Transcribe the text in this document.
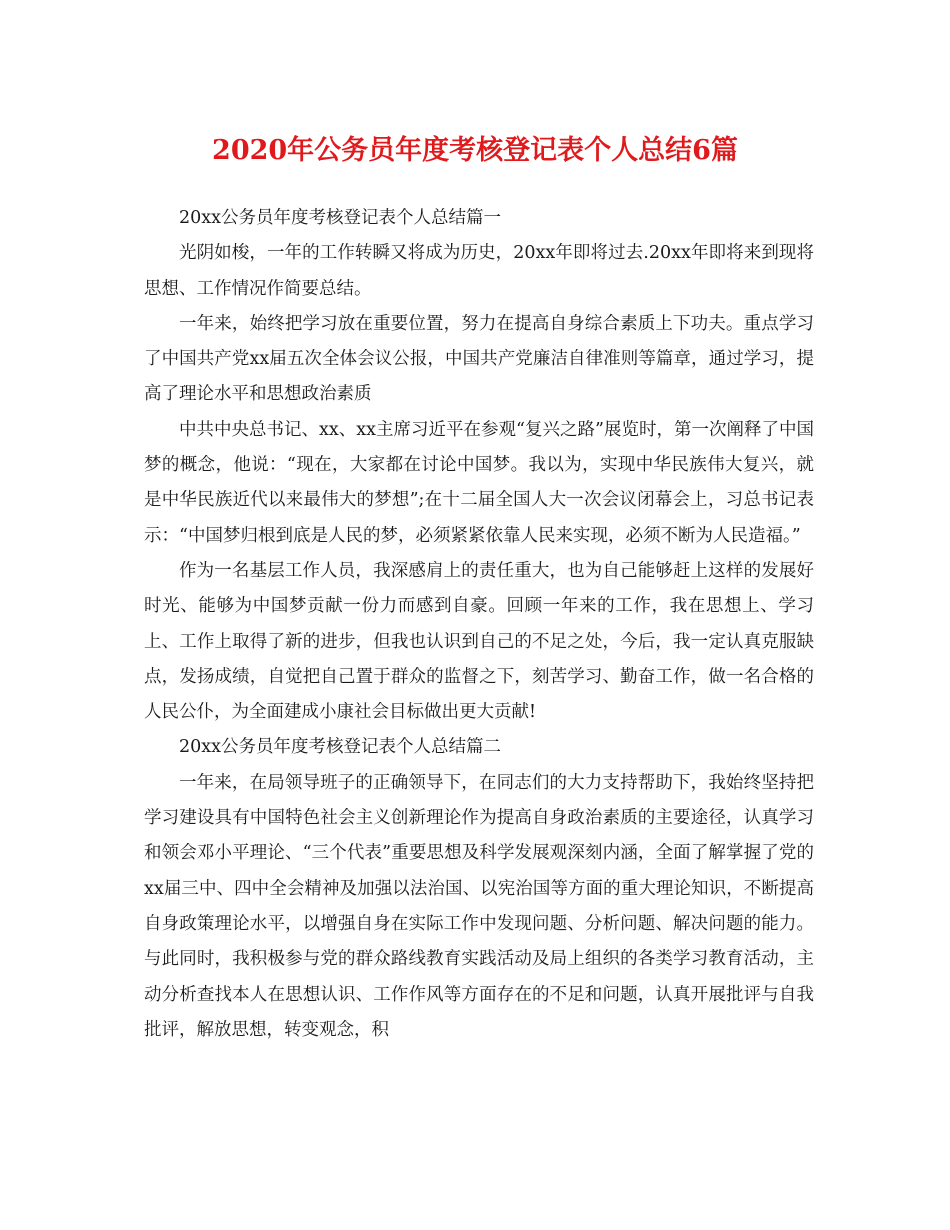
2020年公务员年度考核登记表个人总结6篇

20xx公务员年度考核登记表个人总结篇一

光阴如梭，一年的工作转瞬又将成为历史，20xx年即将过去.20xx年即将来到现将思想、工作情况作简要总结。

一年来，始终把学习放在重要位置，努力在提高自身综合素质上下功夫。重点学习了中国共产党xx届五次全体会议公报，中国共产党廉洁自律准则等篇章，通过学习，提高了理论水平和思想政治素质

中共中央总书记、xx、xx主席习近平在参观“复兴之路”展览时，第一次阐释了中国梦的概念，他说：“现在，大家都在讨论中国梦。我以为，实现中华民族伟大复兴，就是中华民族近代以来最伟大的梦想”;在十二届全国人大一次会议闭幕会上，习总书记表示：“中国梦归根到底是人民的梦，必须紧紧依靠人民来实现，必须不断为人民造福。”

作为一名基层工作人员，我深感肩上的责任重大，也为自己能够赶上这样的发展好时光、能够为中国梦贡献一份力而感到自豪。回顾一年来的工作，我在思想上、学习上、工作上取得了新的进步，但我也认识到自己的不足之处，今后，我一定认真克服缺点，发扬成绩，自觉把自己置于群众的监督之下，刻苦学习、勤奋工作，做一名合格的人民公仆，为全面建成小康社会目标做出更大贡献!

20xx公务员年度考核登记表个人总结篇二

一年来，在局领导班子的正确领导下，在同志们的大力支持帮助下，我始终坚持把学习建设具有中国特色社会主义创新理论作为提高自身政治素质的主要途径，认真学习和领会邓小平理论、“三个代表”重要思想及科学发展观深刻内涵，全面了解掌握了党的xx届三中、四中全会精神及加强以法治国、以宪治国等方面的重大理论知识，不断提高自身政策理论水平，以增强自身在实际工作中发现问题、分析问题、解决问题的能力。与此同时，我积极参与党的群众路线教育实践活动及局上组织的各类学习教育活动，主动分析查找本人在思想认识、工作作风等方面存在的不足和问题，认真开展批评与自我批评，解放思想，转变观念，积
